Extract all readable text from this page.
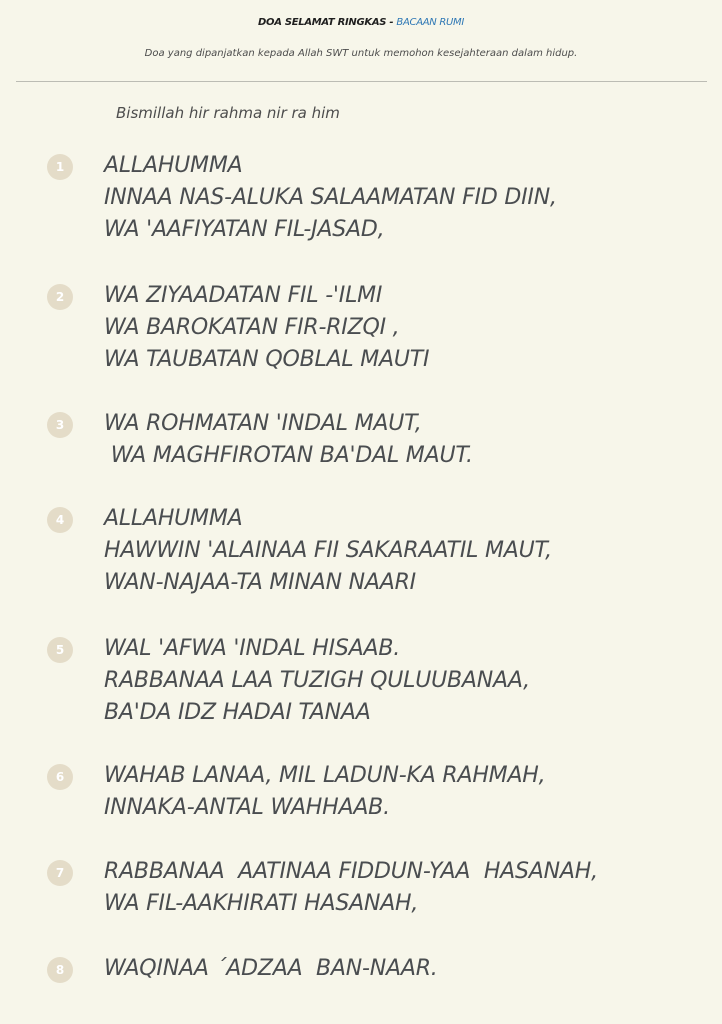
DOA SELAMAT RINGKAS - BACAAN RUMI
Doa yang dipanjatkan kepada Allah SWT untuk memohon kesejahteraan dalam hidup.
Bismillah hir rahma nir ra him
1	ALLAHUMMA
INNAA NAS-ALUKA SALAAMATAN FID DIIN,
WA 'AAFIYATAN FIL-JASAD,
2	WA ZIYAADATAN FIL -'ILMI
WA BAROKATAN FIR-RIZQI ,
WA TAUBATAN QOBLAL MAUTI
3	WA ROHMATAN 'INDAL MAUT,
WA MAGHFIROTAN BA'DAL MAUT.
4	ALLAHUMMA
HAWWIN 'ALAINAA FII SAKARAATIL MAUT,
WAN-NAJAA-TA MINAN NAARI
5	WAL 'AFWA 'INDAL HISAAB.
RABBANAA LAA TUZIGH QULUUBANAA,
BA'DA IDZ HADAI TANAA
6	WAHAB LANAA, MIL LADUN-KA RAHMAH,
INNAKA-ANTAL WAHHAAB.
7	RABBANAA  AATINAA FIDDUN-YAA  HASANAH,
WA FIL-AAKHIRATI HASANAH,
8	WAQINAA ´ADZAA  BAN-NAAR.
